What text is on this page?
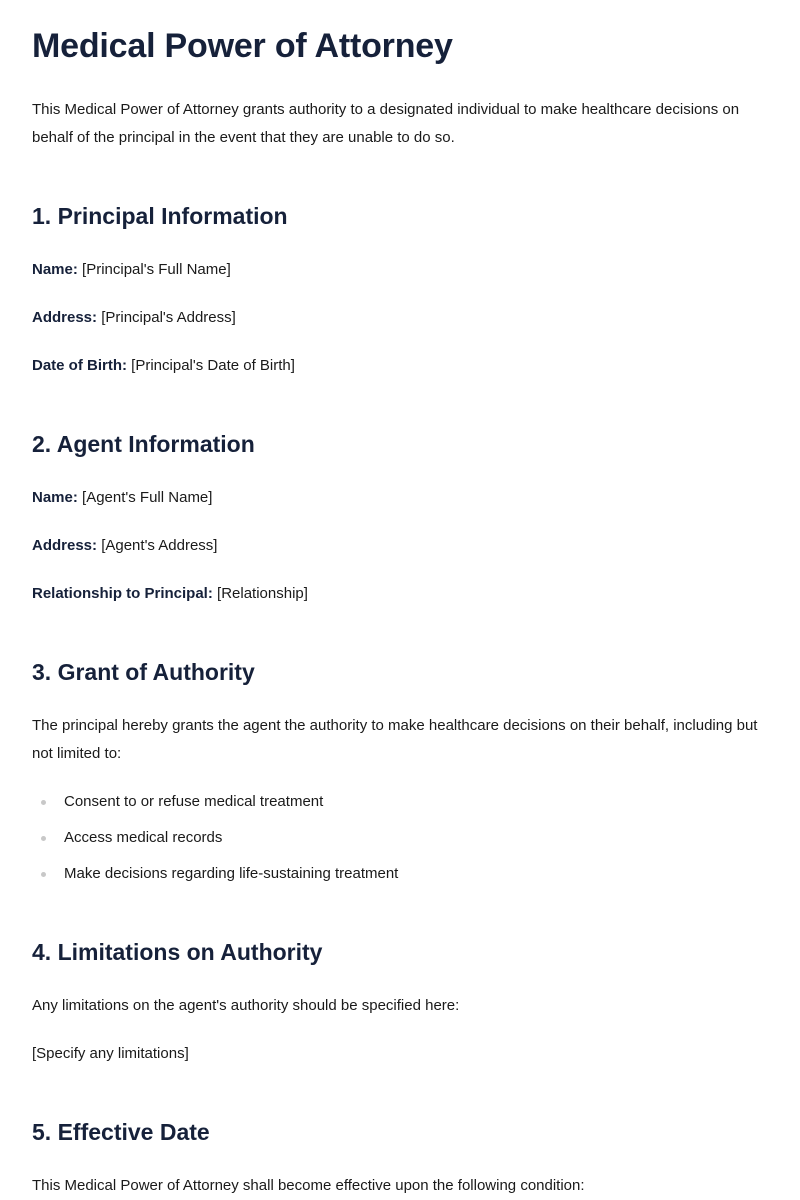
Medical Power of Attorney

This Medical Power of Attorney grants authority to a designated individual to make healthcare decisions on behalf of the principal in the event that they are unable to do so.

1. Principal Information
Name: [Principal's Full Name]
Address: [Principal's Address]
Date of Birth: [Principal's Date of Birth]
2. Agent Information
Name: [Agent's Full Name]
Address: [Agent's Address]
Relationship to Principal: [Relationship]
3. Grant of Authority

The principal hereby grants the agent the authority to make healthcare decisions on their behalf, including but not limited to:

Consent to or refuse medical treatment
Access medical records
Make decisions regarding life-sustaining treatment
4. Limitations on Authority

Any limitations on the agent's authority should be specified here:

[Specify any limitations]

5. Effective Date

This Medical Power of Attorney shall become effective upon the following condition:
